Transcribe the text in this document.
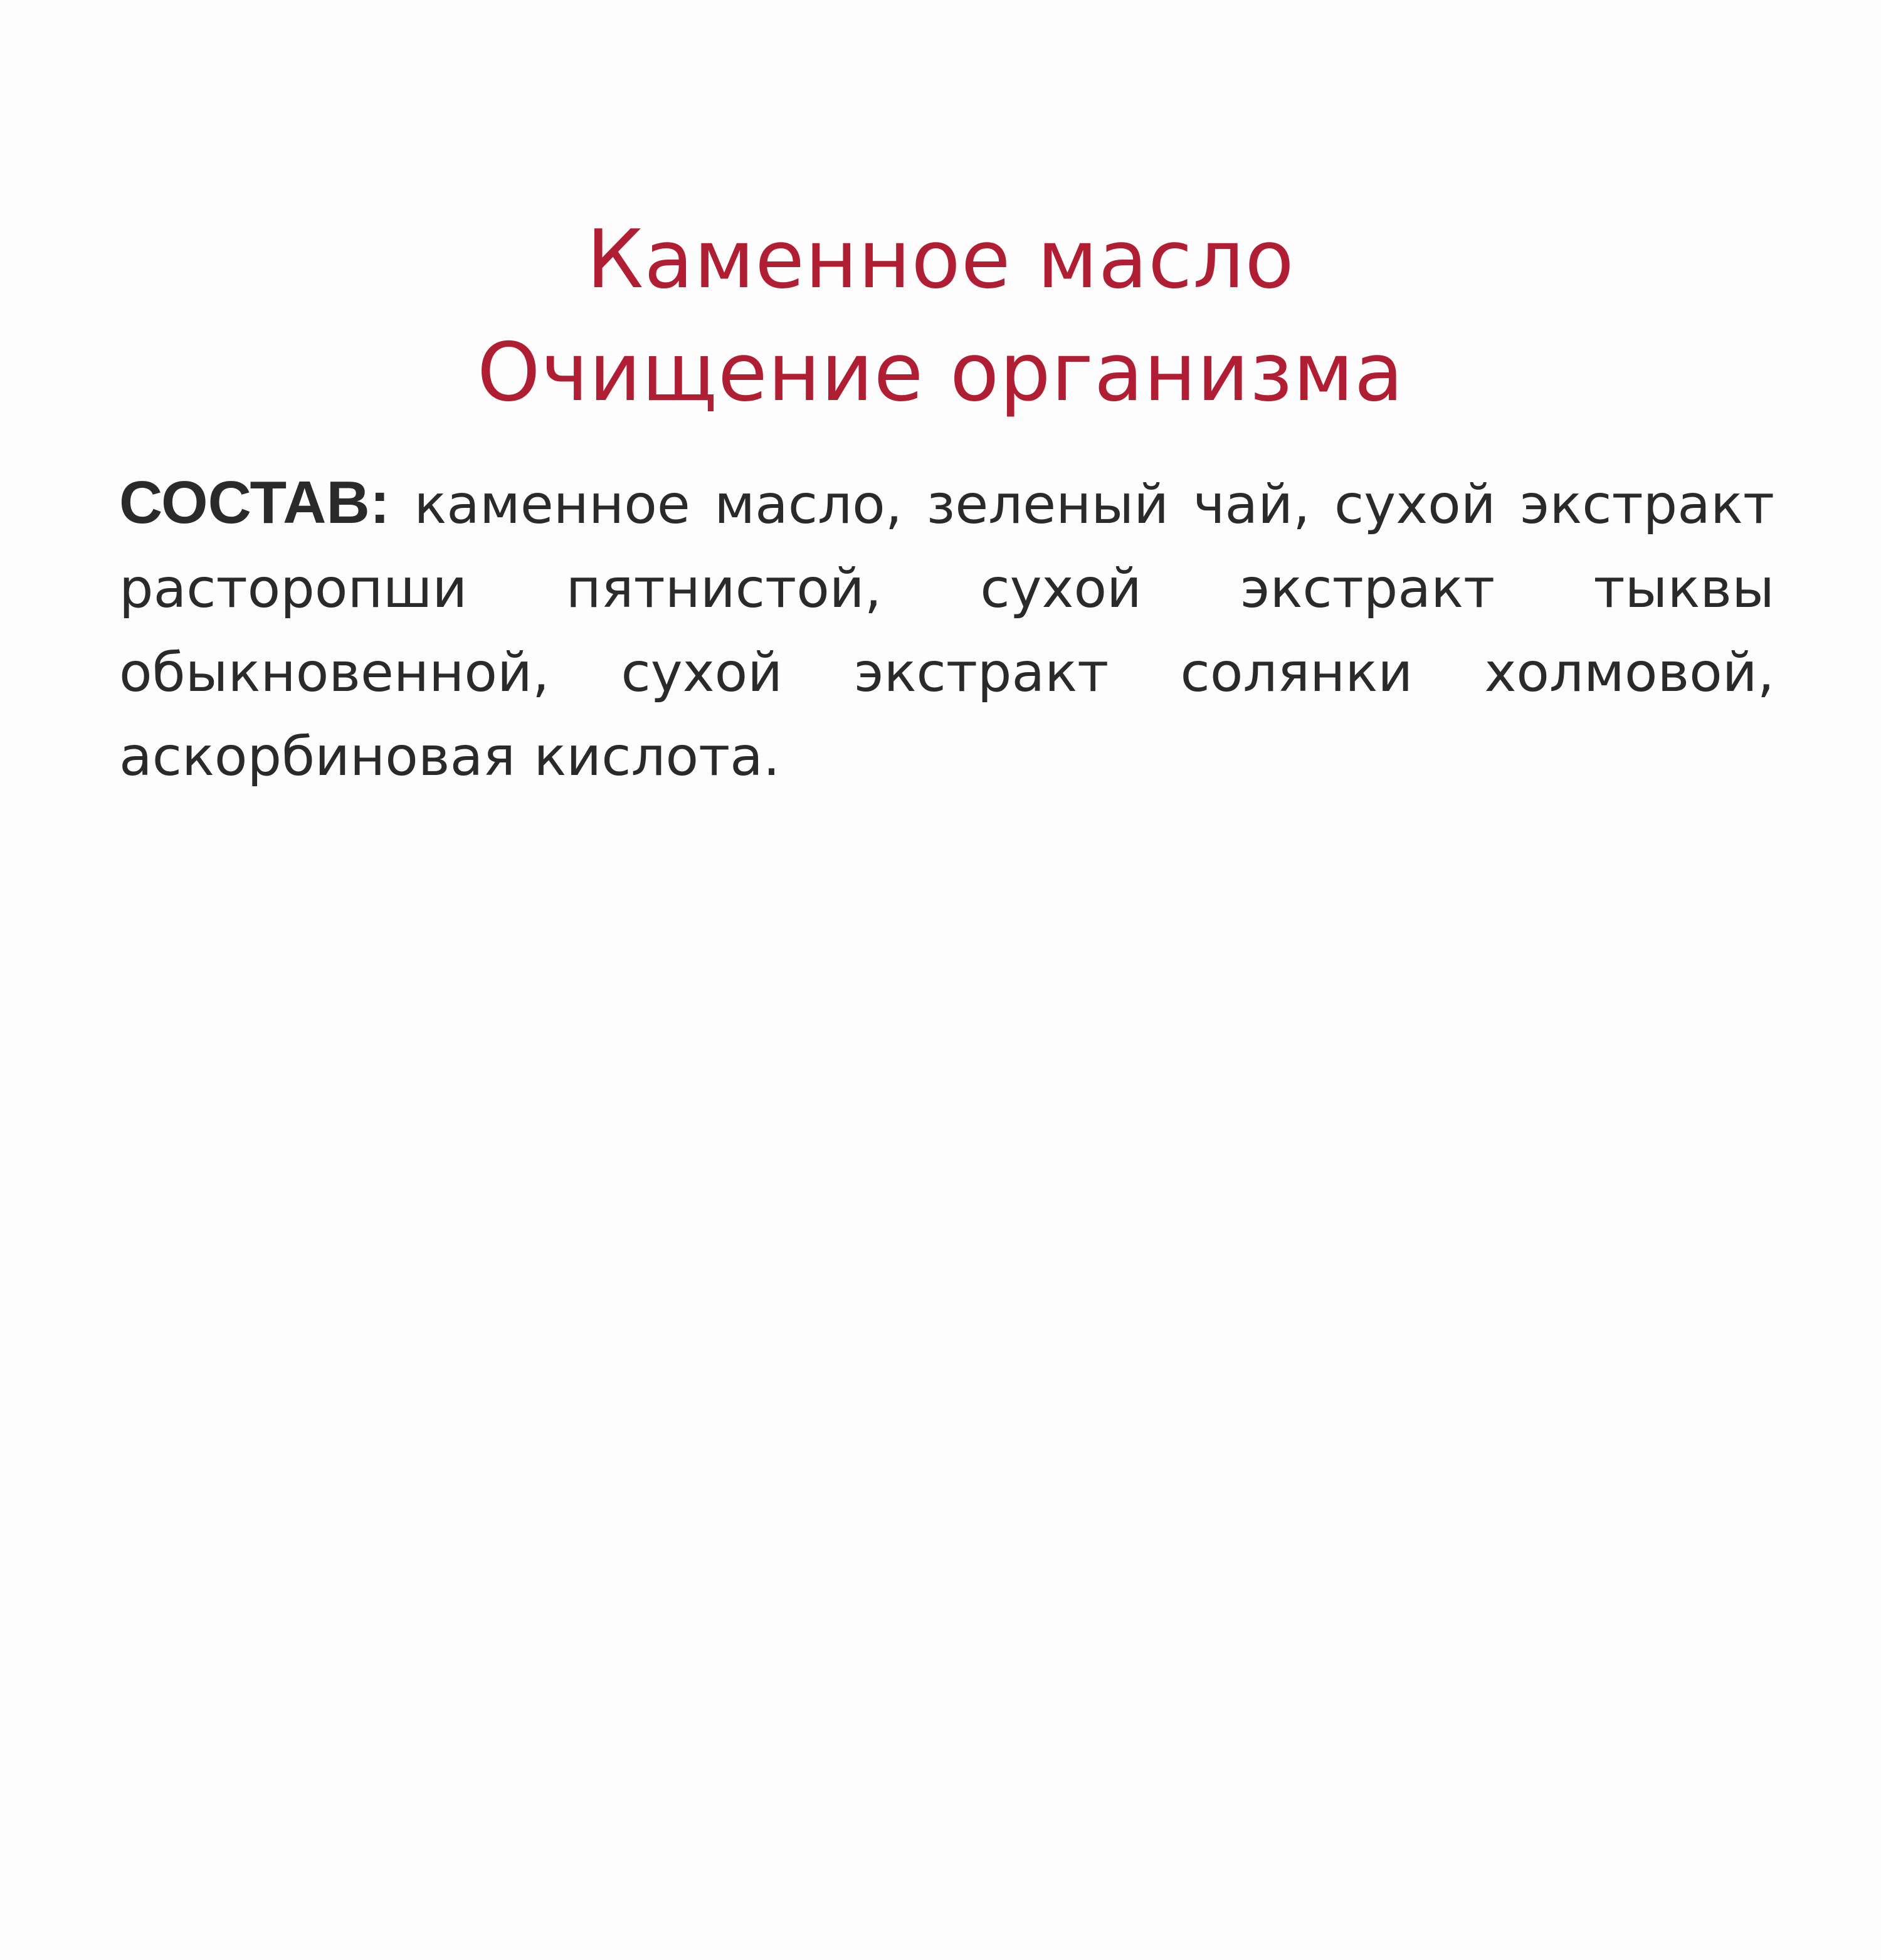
Каменное масло
Очищение организма

СОСТАВ: каменное масло, зеленый чай, сухой экстракт расторопши пятнистой, сухой экстракт тыквы обыкновенной, сухой экстракт солянки холмовой, аскорбиновая кислота.
